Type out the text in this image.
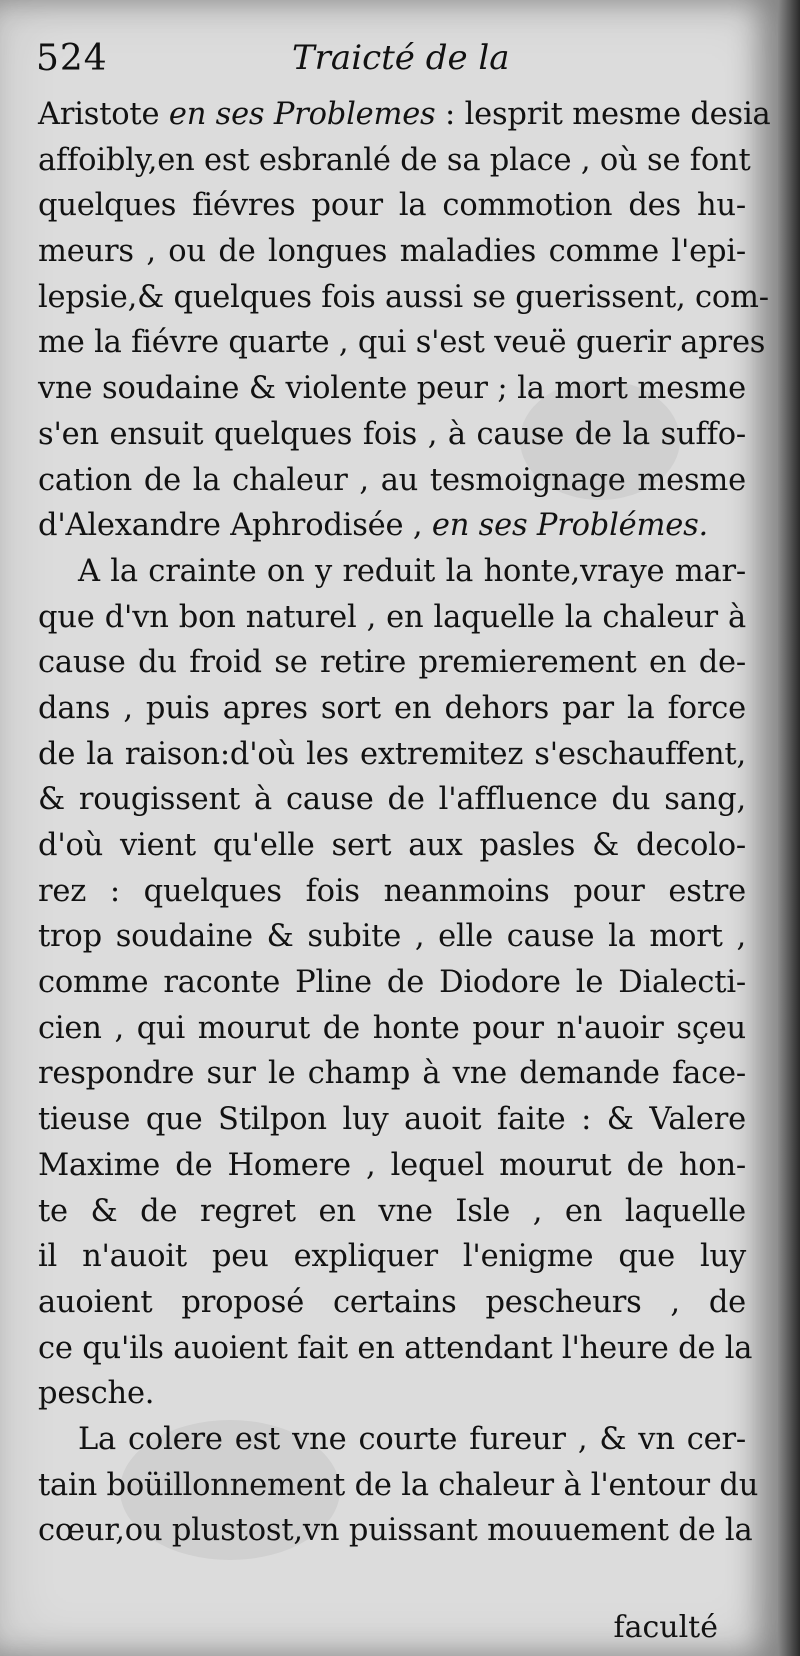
524	Traicté de la
Aristote en ses Problemes : lesprit mesme desia
affoibly,en est esbranlé de sa place , où se font
quelques fiévres pour la commotion des hu-
meurs , ou de longues maladies comme l'epi-
lepsie,& quelques fois aussi se guerissent, com-
me la fiévre quarte , qui s'est veuë guerir apres
vne soudaine & violente peur ; la mort mesme
s'en ensuit quelques fois , à cause de la suffo-
cation de la chaleur , au tesmoignage mesme
d'Alexandre Aphrodisée , en ses Problémes.
A la crainte on y reduit la honte,vraye mar-
que d'vn bon naturel , en laquelle la chaleur à
cause du froid se retire premierement en de-
dans , puis apres sort en dehors par la force
de la raison:d'où les extremitez s'eschauffent,
& rougissent à cause de l'affluence du sang,
d'où vient qu'elle sert aux pasles & decolo-
rez : quelques fois neanmoins pour estre
trop soudaine & subite , elle cause la mort ,
comme raconte Pline de Diodore le Dialecti-
cien , qui mourut de honte pour n'auoir sçeu
respondre sur le champ à vne demande face-
tieuse que Stilpon luy auoit faite : & Valere
Maxime de Homere , lequel mourut de hon-
te & de regret en vne Isle , en laquelle
il n'auoit peu expliquer l'enigme que luy
auoient proposé certains pescheurs , de
ce qu'ils auoient fait en attendant l'heure de la
pesche.
La colere est vne courte fureur , & vn cer-
tain boüillonnement de la chaleur à l'entour du
cœur,ou plustost,vn puissant mouuement de la
faculté
